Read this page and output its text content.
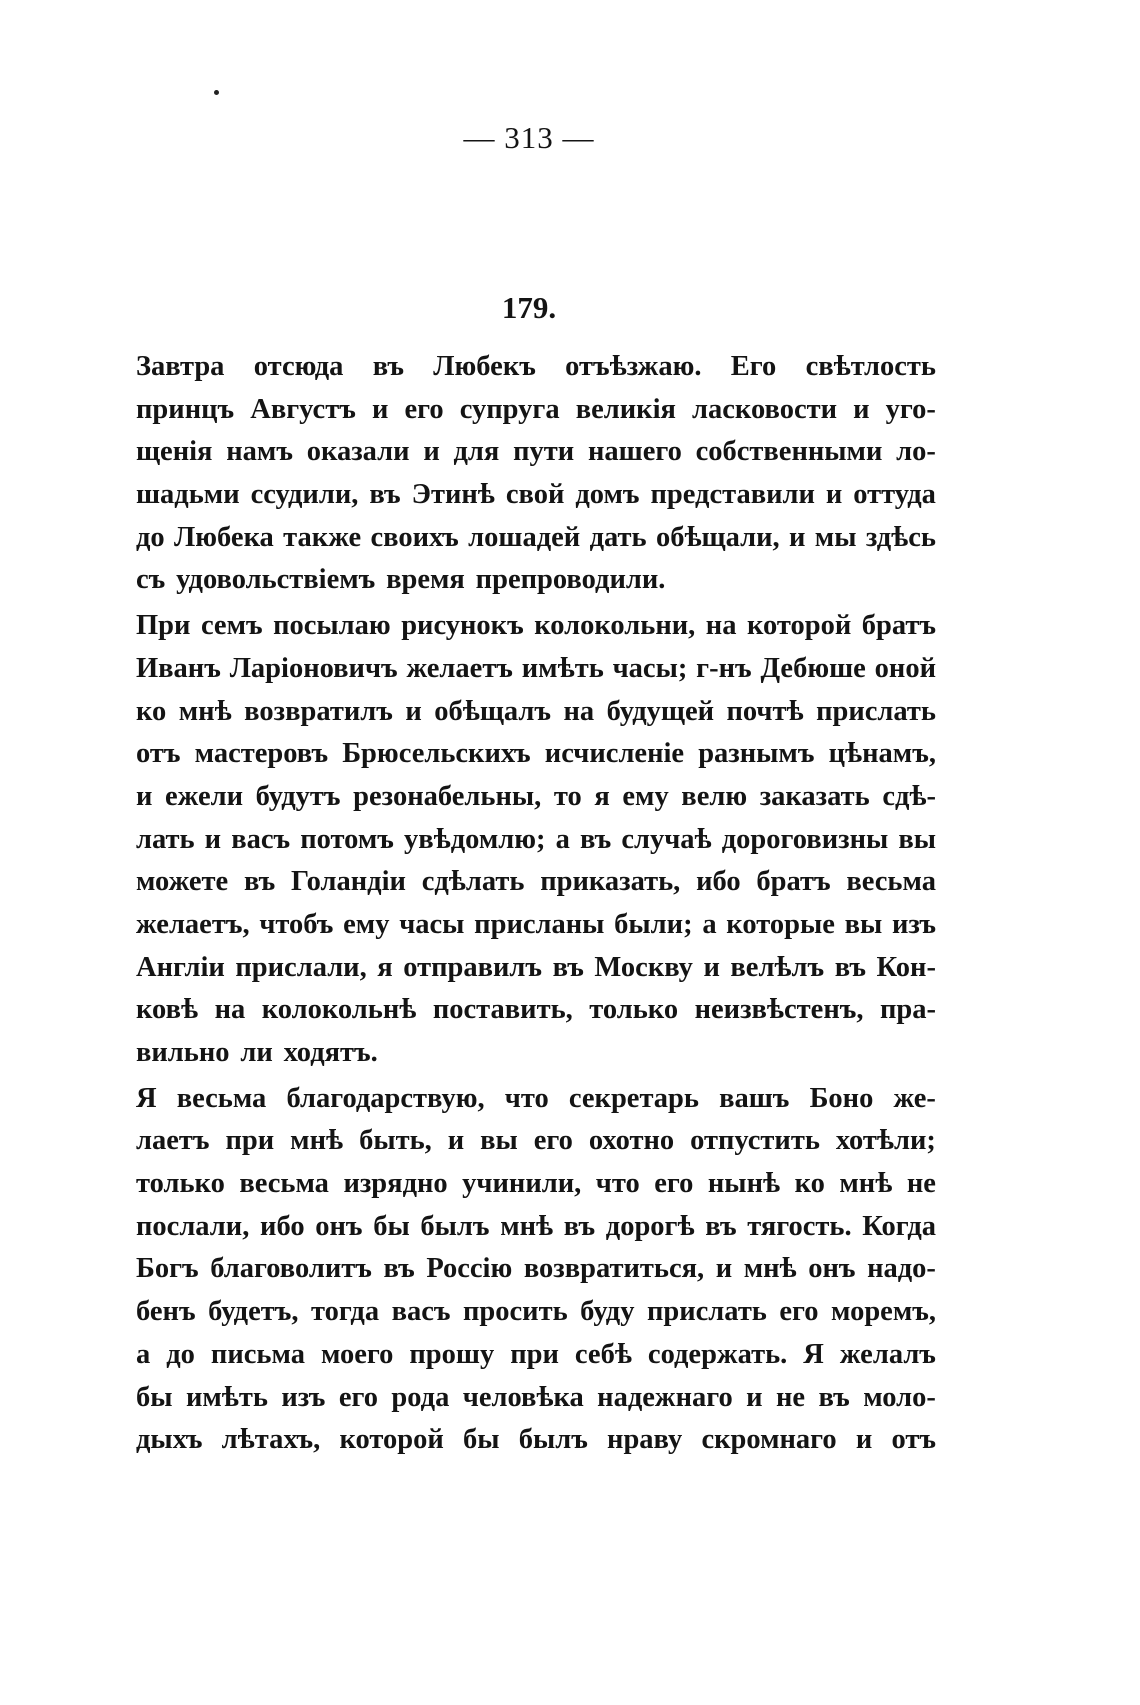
— 313 —
179.
Завтра отсюда въ Любекъ отъѣзжаю. Его свѣтлость
принцъ Августъ и его супруга великія ласковости и уго-
щенія намъ оказали и для пути нашего собственными ло-
шадьми ссудили, въ Этинѣ свой домъ представили и оттуда
до Любека также своихъ лошадей дать обѣщали, и мы здѣсь
съ удовольствіемъ время препроводили.
При семъ посылаю рисунокъ колокольни, на которой братъ
Иванъ Ларіоновичъ желаетъ имѣть часы; г-нъ Дебюше оной
ко мнѣ возвратилъ и обѣщалъ на будущей почтѣ прислать
отъ мастеровъ Брюсельскихъ исчисленіе разнымъ цѣнамъ,
и ежели будутъ резонабельны, то я ему велю заказать сдѣ-
лать и васъ потомъ увѣдомлю; а въ случаѣ дороговизны вы
можете въ Голандіи сдѣлать приказать, ибо братъ весьма
желаетъ, чтобъ ему часы присланы были; а которые вы изъ
Англіи прислали, я отправилъ въ Москву и велѣлъ въ Кон-
ковѣ на колокольнѣ поставить, только неизвѣстенъ, пра-
вильно ли ходятъ.
Я весьма благодарствую, что секретарь вашъ Боно же-
лаетъ при мнѣ быть, и вы его охотно отпустить хотѣли;
только весьма изрядно учинили, что его нынѣ ко мнѣ не
послали, ибо онъ бы былъ мнѣ въ дорогѣ въ тягость. Когда
Богъ благоволитъ въ Россію возвратиться, и мнѣ онъ надо-
бенъ будетъ, тогда васъ просить буду прислать его моремъ,
а до письма моего прошу при себѣ содержать. Я желалъ
бы имѣть изъ его рода человѣка надежнаго и не въ моло-
дыхъ лѣтахъ, которой бы былъ нраву скромнаго и отъ
